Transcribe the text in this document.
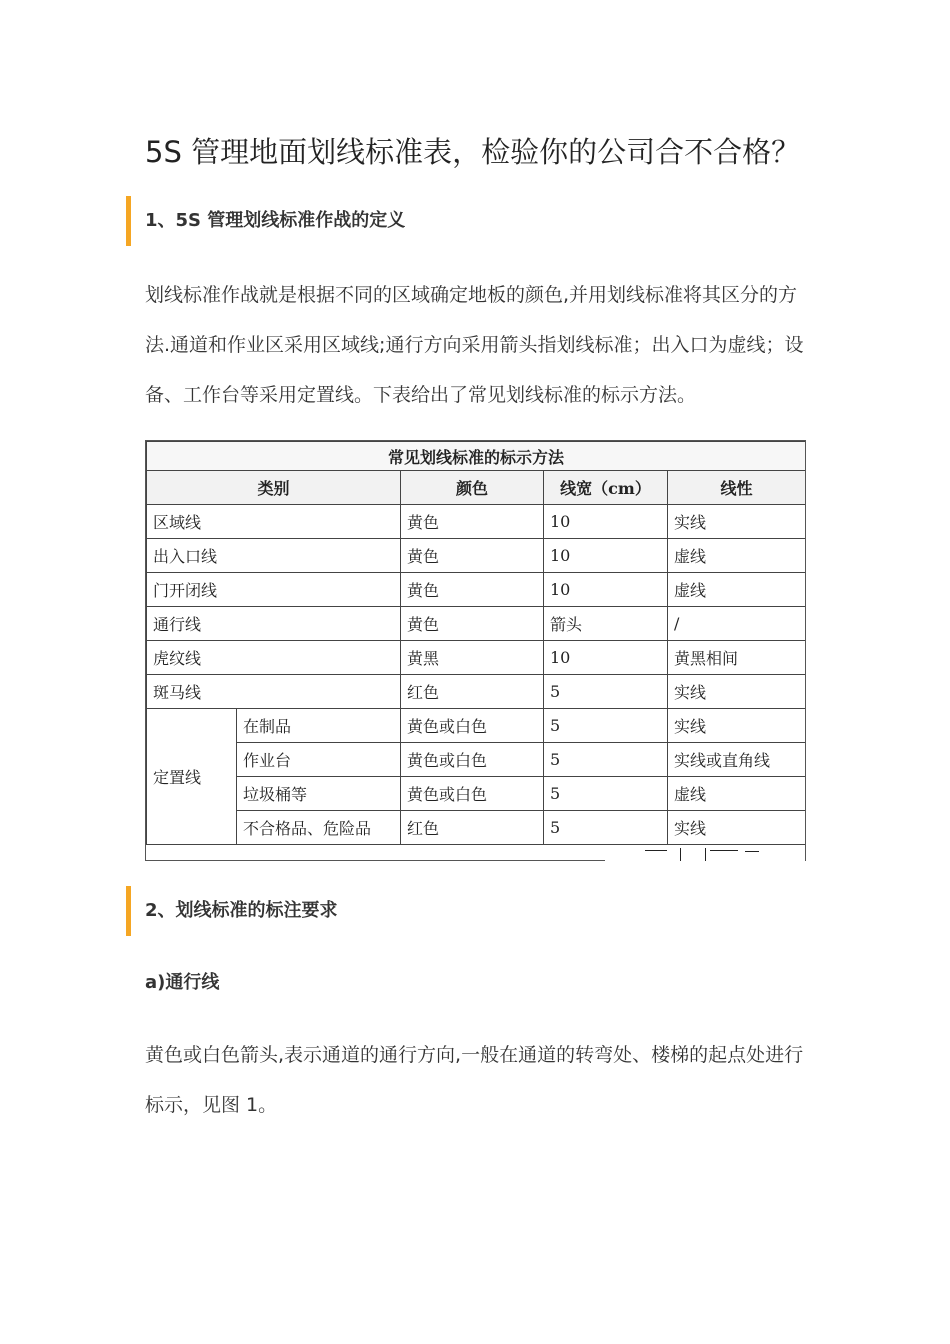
5S 管理地面划线标准表，检验你的公司合不合格？
1、5S 管理划线标准作战的定义

划线标准作战就是根据不同的区域确定地板的颜色,并用划线标准将其区分的方
法.通道和作业区采用区域线;通行方向采用箭头指划线标准；出入口为虚线；设
备、工作台等采用定置线。下表给出了常见划线标准的标示方法。

常见划线标准的标示方法				
类别		颜色	线宽（cm）	线性
区域线		黄色	10	实线
出入口线		黄色	10	虚线
门开闭线		黄色	10	虚线
通行线		黄色	箭头	/
虎纹线		黄黑	10	黄黑相间
斑马线		红色	5	实线
定置线	在制品	黄色或白色	5	实线
	作业台	黄色或白色	5	实线或直角线
	垃圾桶等	黄色或白色	5	虚线
	不合格品、危险品	红色	5	实线
2、划线标准的标注要求
a)通行线

黄色或白色箭头,表示通道的通行方向,一般在通道的转弯处、楼梯的起点处进行
标示，见图 1。
